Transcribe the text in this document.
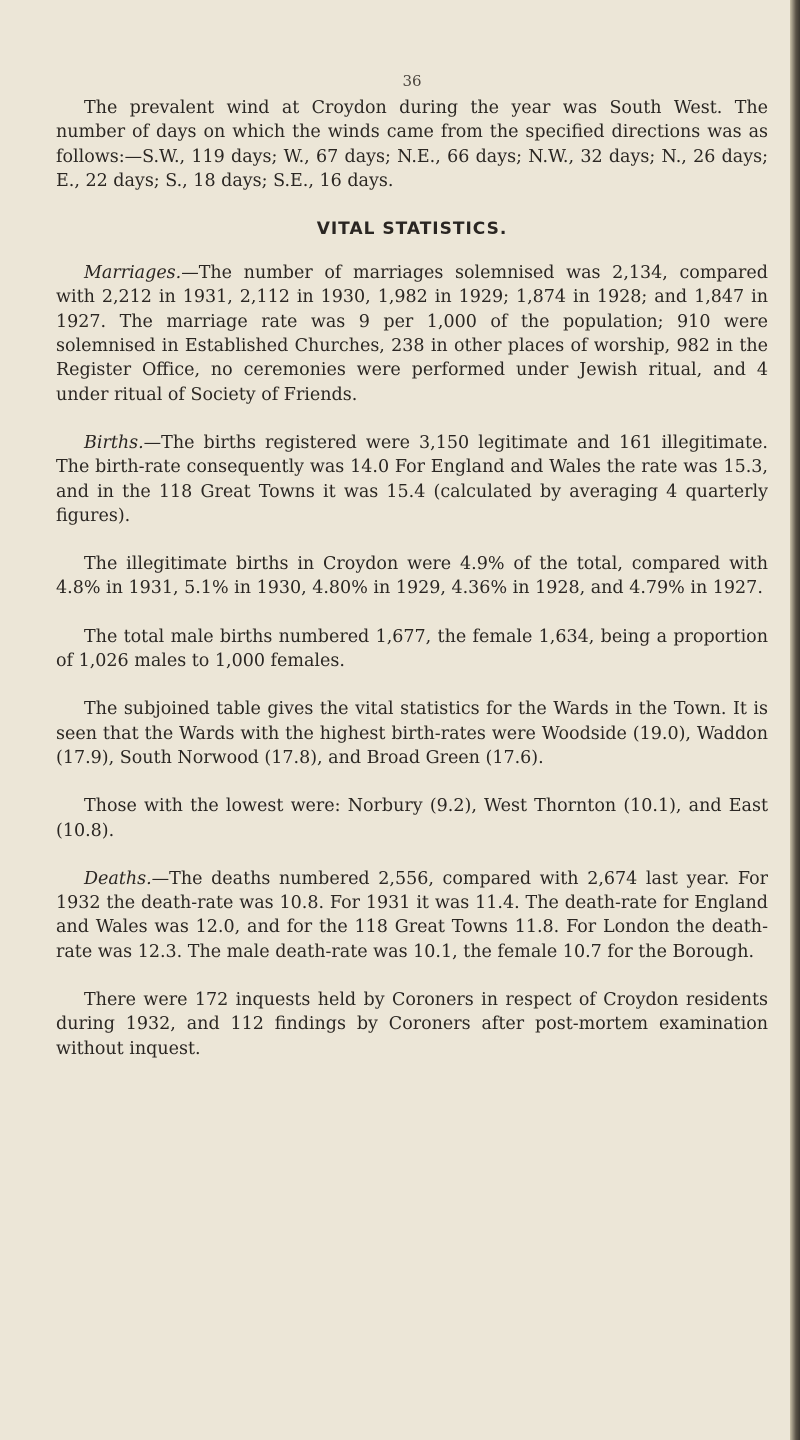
36

The prevalent wind at Croydon during the year was South West. The number of days on which the winds came from the specified directions was as follows:—S.W., 119 days; W., 67 days; N.E., 66 days; N.W., 32 days; N., 26 days; E., 22 days; S., 18 days; S.E., 16 days.

VITAL STATISTICS.

Marriages.—The number of marriages solemnised was 2,134, compared with 2,212 in 1931, 2,112 in 1930, 1,982 in 1929; 1,874 in 1928; and 1,847 in 1927. The marriage rate was 9 per 1,000 of the population; 910 were solemnised in Established Churches, 238 in other places of worship, 982 in the Register Office, no ceremonies were performed under Jewish ritual, and 4 under ritual of Society of Friends.

Births.—The births registered were 3,150 legitimate and 161 illegitimate. The birth-rate consequently was 14.0 For England and Wales the rate was 15.3, and in the 118 Great Towns it was 15.4 (calculated by averaging 4 quarterly figures).

The illegitimate births in Croydon were 4.9% of the total, compared with 4.8% in 1931, 5.1% in 1930, 4.80% in 1929, 4.36% in 1928, and 4.79% in 1927.

The total male births numbered 1,677, the female 1,634, being a proportion of 1,026 males to 1,000 females.

The subjoined table gives the vital statistics for the Wards in the Town. It is seen that the Wards with the highest birth-rates were Woodside (19.0), Waddon (17.9), South Norwood (17.8), and Broad Green (17.6).

Those with the lowest were: Norbury (9.2), West Thornton (10.1), and East (10.8).

Deaths.—The deaths numbered 2,556, compared with 2,674 last year. For 1932 the death-rate was 10.8. For 1931 it was 11.4. The death-rate for England and Wales was 12.0, and for the 118 Great Towns 11.8. For London the death-rate was 12.3. The male death-rate was 10.1, the female 10.7 for the Borough.

There were 172 inquests held by Coroners in respect of Croydon residents during 1932, and 112 findings by Coroners after post-mortem examination without inquest.
